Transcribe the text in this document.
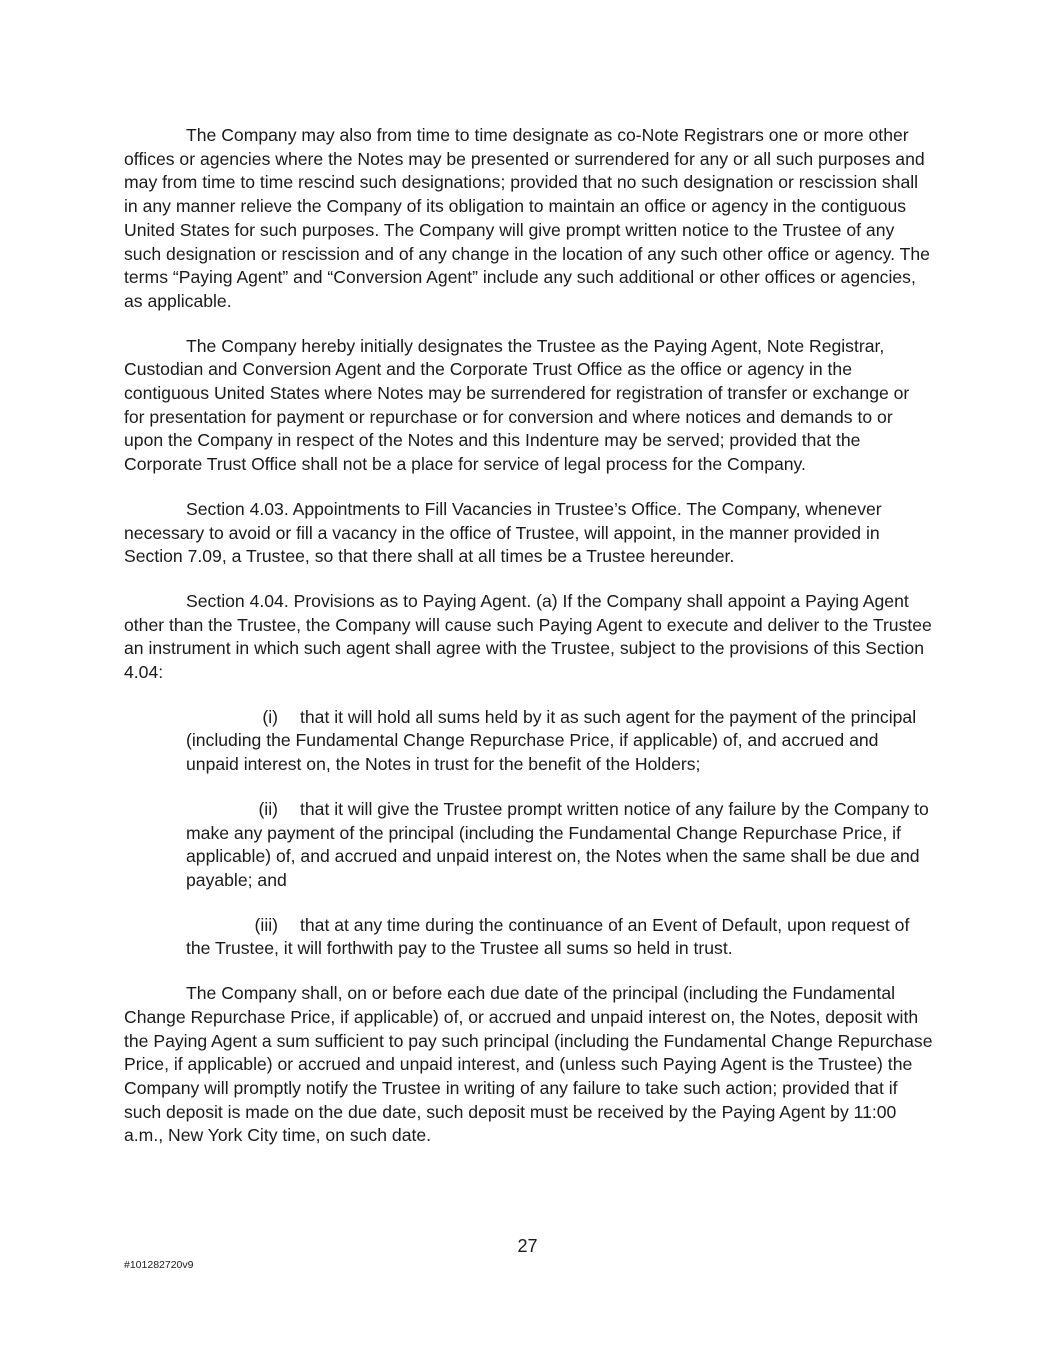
The Company may also from time to time designate as co-Note Registrars one or more other offices or agencies where the Notes may be presented or surrendered for any or all such purposes and may from time to time rescind such designations; provided that no such designation or rescission shall in any manner relieve the Company of its obligation to maintain an office or agency in the contiguous United States for such purposes. The Company will give prompt written notice to the Trustee of any such designation or rescission and of any change in the location of any such other office or agency. The terms “Paying Agent” and “Conversion Agent” include any such additional or other offices or agencies, as applicable.

The Company hereby initially designates the Trustee as the Paying Agent, Note Registrar, Custodian and Conversion Agent and the Corporate Trust Office as the office or agency in the contiguous United States where Notes may be surrendered for registration of transfer or exchange or for presentation for payment or repurchase or for conversion and where notices and demands to or upon the Company in respect of the Notes and this Indenture may be served; provided that the Corporate Trust Office shall not be a place for service of legal process for the Company.

Section 4.03. Appointments to Fill Vacancies in Trustee’s Office. The Company, whenever necessary to avoid or fill a vacancy in the office of Trustee, will appoint, in the manner provided in Section 7.09, a Trustee, so that there shall at all times be a Trustee hereunder.

Section 4.04. Provisions as to Paying Agent. (a) If the Company shall appoint a Paying Agent other than the Trustee, the Company will cause such Paying Agent to execute and deliver to the Trustee an instrument in which such agent shall agree with the Trustee, subject to the provisions of this Section 4.04:

(i) that it will hold all sums held by it as such agent for the payment of the principal (including the Fundamental Change Repurchase Price, if applicable) of, and accrued and unpaid interest on, the Notes in trust for the benefit of the Holders;

(ii) that it will give the Trustee prompt written notice of any failure by the Company to make any payment of the principal (including the Fundamental Change Repurchase Price, if applicable) of, and accrued and unpaid interest on, the Notes when the same shall be due and payable; and

(iii) that at any time during the continuance of an Event of Default, upon request of the Trustee, it will forthwith pay to the Trustee all sums so held in trust.

The Company shall, on or before each due date of the principal (including the Fundamental Change Repurchase Price, if applicable) of, or accrued and unpaid interest on, the Notes, deposit with the Paying Agent a sum sufficient to pay such principal (including the Fundamental Change Repurchase Price, if applicable) or accrued and unpaid interest, and (unless such Paying Agent is the Trustee) the Company will promptly notify the Trustee in writing of any failure to take such action; provided that if such deposit is made on the due date, such deposit must be received by the Paying Agent by 11:00 a.m., New York City time, on such date.

27
#101282720v9
